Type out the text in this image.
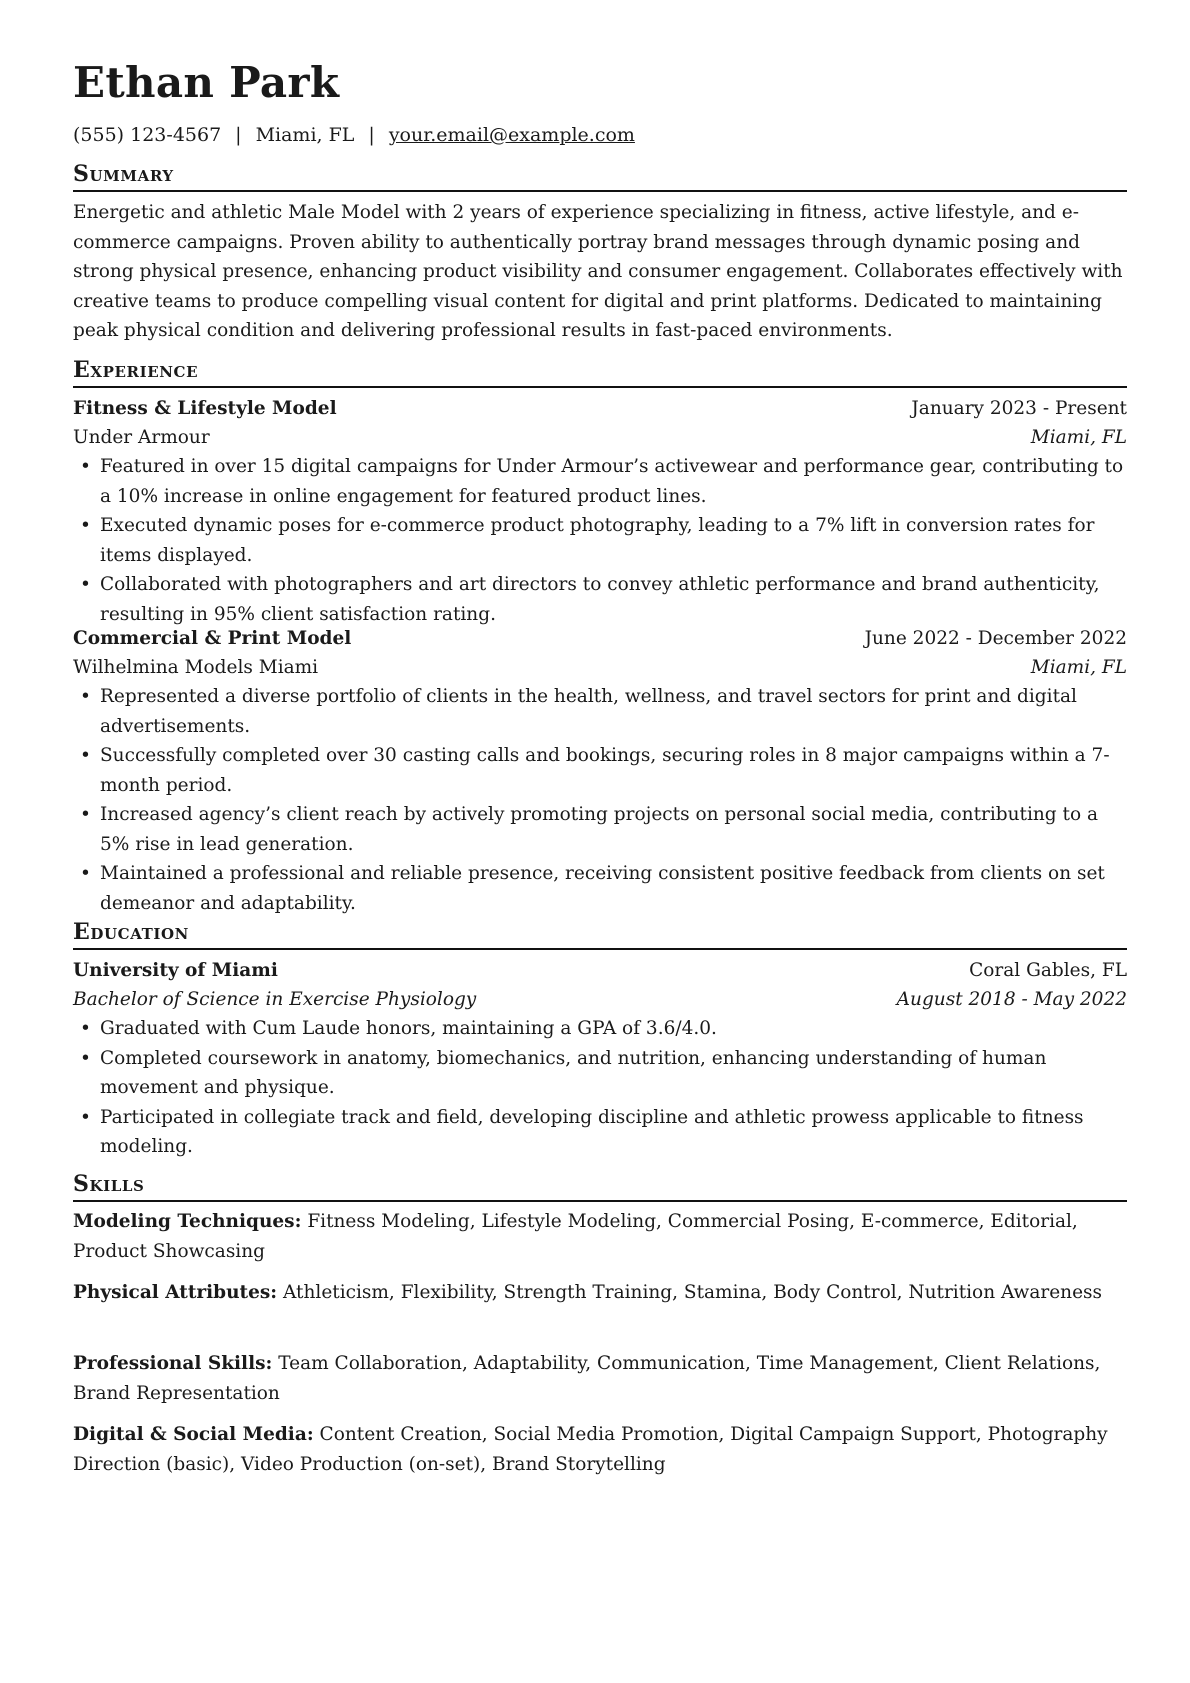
Ethan Park
(555) 123-4567 | Miami, FL | your.email@example.com
Summary
Energetic and athletic Male Model with 2 years of experience specializing in fitness, active lifestyle, and e-commerce campaigns. Proven ability to authentically portray brand messages through dynamic posing and strong physical presence, enhancing product visibility and consumer engagement. Collaborates effectively with creative teams to produce compelling visual content for digital and print platforms. Dedicated to maintaining peak physical condition and delivering professional results in fast-paced environments.
Experience
Fitness & Lifestyle Model	January 2023 - Present
Under Armour	Miami, FL
• Featured in over 15 digital campaigns for Under Armour’s activewear and performance gear, contributing to a 10% increase in online engagement for featured product lines.
• Executed dynamic poses for e-commerce product photography, leading to a 7% lift in conversion rates for items displayed.
• Collaborated with photographers and art directors to convey athletic performance and brand authenticity, resulting in 95% client satisfaction rating.
Commercial & Print Model	June 2022 - December 2022
Wilhelmina Models Miami	Miami, FL
• Represented a diverse portfolio of clients in the health, wellness, and travel sectors for print and digital advertisements.
• Successfully completed over 30 casting calls and bookings, securing roles in 8 major campaigns within a 7-month period.
• Increased agency’s client reach by actively promoting projects on personal social media, contributing to a 5% rise in lead generation.
• Maintained a professional and reliable presence, receiving consistent positive feedback from clients on set demeanor and adaptability.
Education
University of Miami	Coral Gables, FL
Bachelor of Science in Exercise Physiology	August 2018 - May 2022
• Graduated with Cum Laude honors, maintaining a GPA of 3.6/4.0.
• Completed coursework in anatomy, biomechanics, and nutrition, enhancing understanding of human movement and physique.
• Participated in collegiate track and field, developing discipline and athletic prowess applicable to fitness modeling.
Skills
Modeling Techniques: Fitness Modeling, Lifestyle Modeling, Commercial Posing, E-commerce, Editorial, Product Showcasing
Physical Attributes: Athleticism, Flexibility, Strength Training, Stamina, Body Control, Nutrition Awareness
Professional Skills: Team Collaboration, Adaptability, Communication, Time Management, Client Relations, Brand Representation
Digital & Social Media: Content Creation, Social Media Promotion, Digital Campaign Support, Photography Direction (basic), Video Production (on-set), Brand Storytelling
